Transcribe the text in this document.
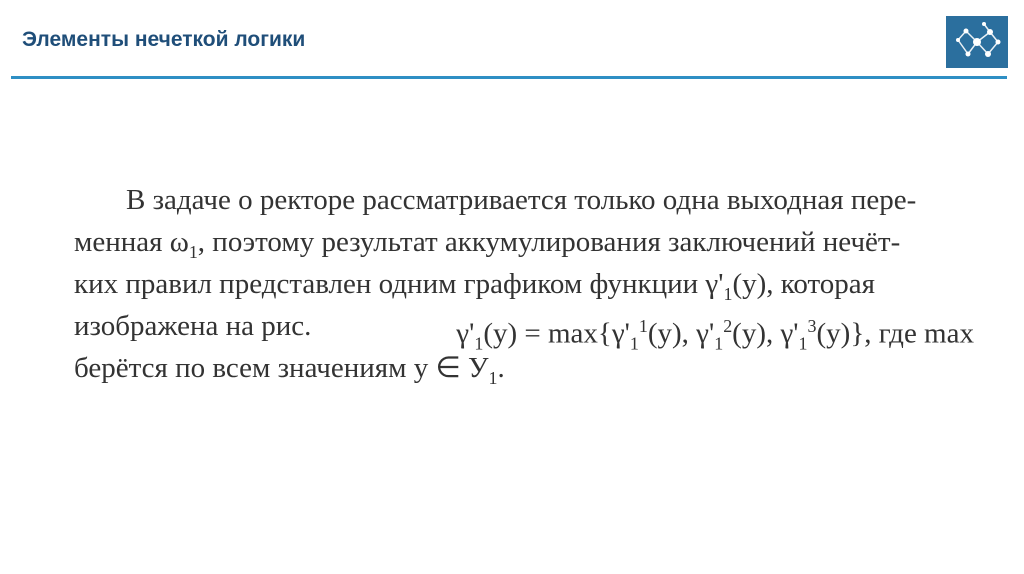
Элементы нечеткой логики
В задаче о ректоре рассматривается только одна выходная пере-
менная $\omega_1$, поэтому результат аккумулирования заключений нечёт-
ких правил представлен одним графиком функции $\gamma'_1(y)$, которая
изображена на рис.	$\gamma'_1(y) = \max\{\gamma'_1^1(y)$, $\gamma'_1^2(y)$, $\gamma'_1^3(y)$}, где max
берётся по всем значениям y ∈ $У_1$.
